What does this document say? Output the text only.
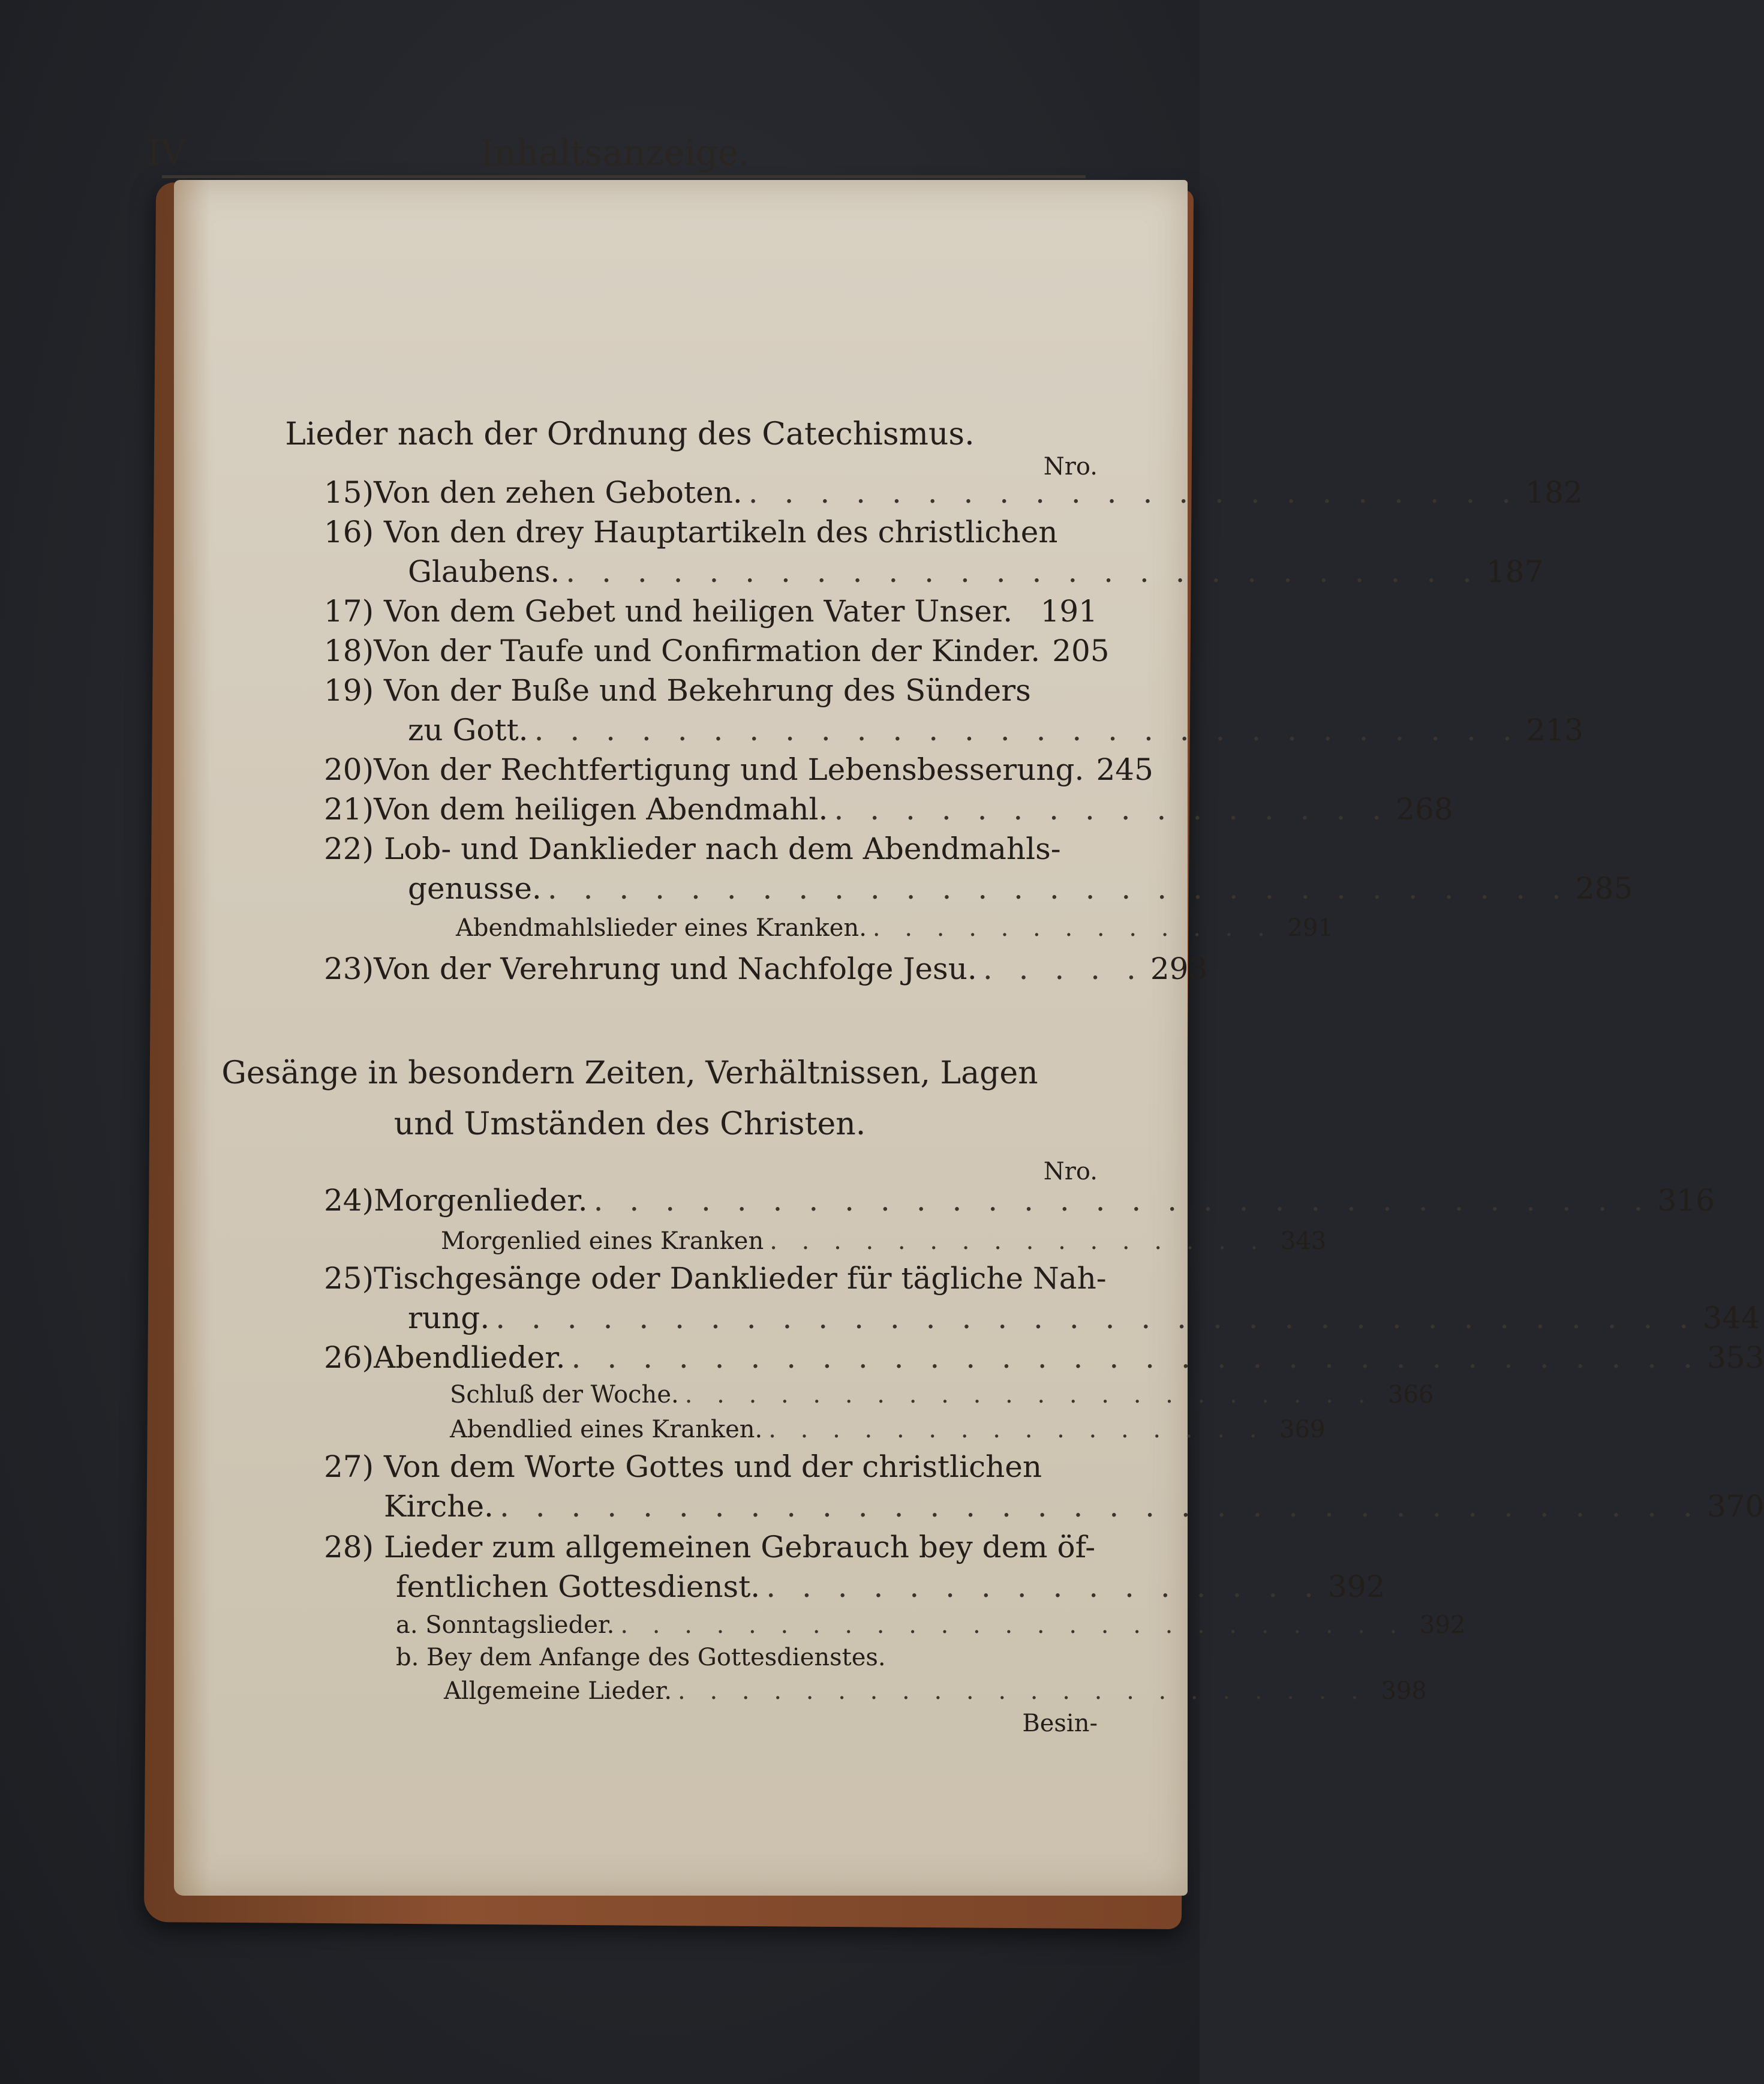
IV	Inhaltsanzeige.
Lieder nach der Ordnung des Catechismus.
Nro.
15) Von den zehen Geboten. . . . . . . . . . . . . . . . . . . . . . . 182
16) Von den drey Hauptartikeln des christlichen
Glaubens. . . . . . . . . . . . . . . . . . . . . . . . . . . 187
17) Von dem Gebet und heiligen Vater Unser. 191
18) Von der Taufe und Confirmation der Kinder. 205
19) Von der Buße und Bekehrung des Sünders
zu Gott. . . . . . . . . . . . . . . . . . . . . . . . . . . . . 213
20) Von der Rechtfertigung und Lebensbesserung. 245
21) Von dem heiligen Abendmahl. . . . . . . . . . . . . . . . . 268
22) Lob- und Danklieder nach dem Abendmahls-
genusse. . . . . . . . . . . . . . . . . . . . . . . . . . . . . . 285
Abendmahlslieder eines Kranken. . . . . . . . . . . . . . 291
23) Von der Verehrung und Nachfolge Jesu. . . . . . 293
Gesänge in besondern Zeiten, Verhältnissen, Lagen
und Umständen des Christen.
Nro.
24) Morgenlieder. . . . . . . . . . . . . . . . . . . . . . . . . . . . . . . 316
Morgenlied eines Kranken . . . . . . . . . . . . . . . . 343
25) Tischgesänge oder Danklieder für tägliche Nah-
rung. . . . . . . . . . . . . . . . . . . . . . . . . . . . . . . . . . . 344
26) Abendlieder. . . . . . . . . . . . . . . . . . . . . . . . . . . . . . . . . 353
Schluß der Woche. . . . . . . . . . . . . . . . . . . . . . . 366
Abendlied eines Kranken. . . . . . . . . . . . . . . . . 369
27) Von dem Worte Gottes und der christlichen
Kirche. . . . . . . . . . . . . . . . . . . . . . . . . . . . . . . . . . . 370
28) Lieder zum allgemeinen Gebrauch bey dem öf-
fentlichen Gottesdienst. . . . . . . . . . . . . . . . . 392
a. Sonntagslieder. . . . . . . . . . . . . . . . . . . . . . . . . . 392
b. Bey dem Anfange des Gottesdienstes.
Allgemeine Lieder. . . . . . . . . . . . . . . . . . . . . . . 398
Besin-
